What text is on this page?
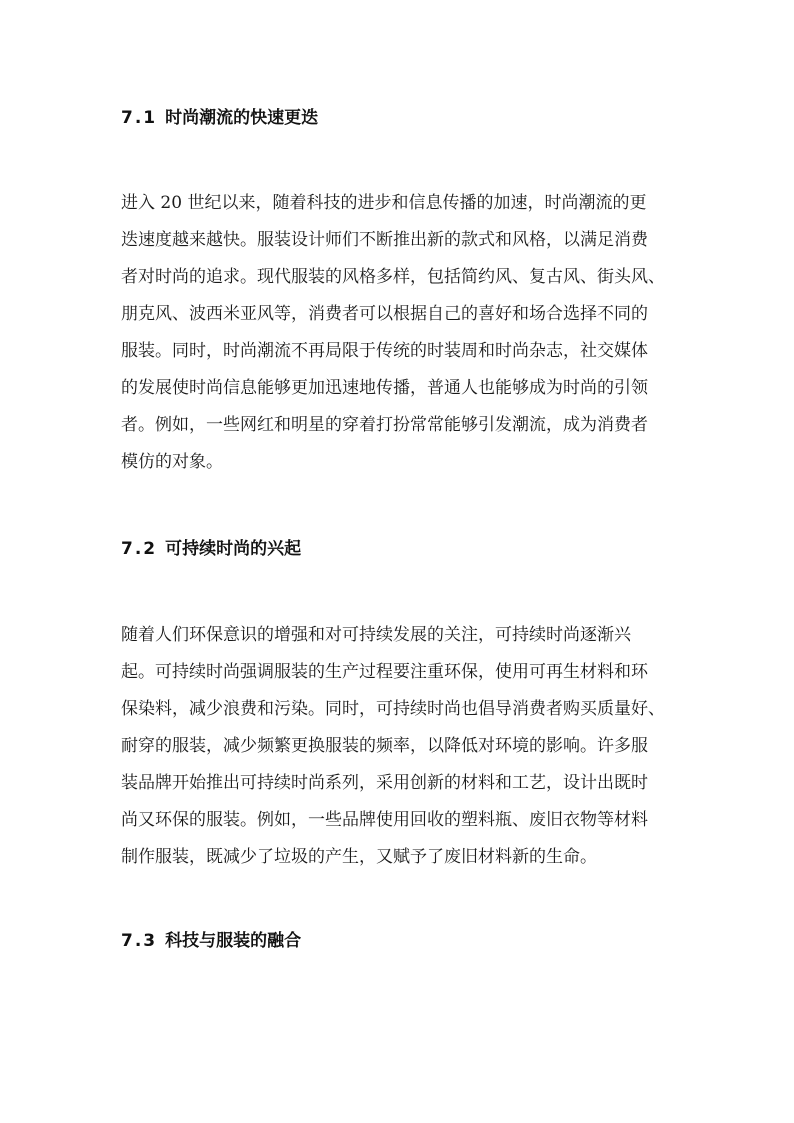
7.1 时尚潮流的快速更迭
进入 20 世纪以来，随着科技的进步和信息传播的加速，时尚潮流的更
迭速度越来越快。服装设计师们不断推出新的款式和风格，以满足消费
者对时尚的追求。现代服装的风格多样，包括简约风、复古风、街头风、
朋克风、波西米亚风等，消费者可以根据自己的喜好和场合选择不同的
服装。同时，时尚潮流不再局限于传统的时装周和时尚杂志，社交媒体
的发展使时尚信息能够更加迅速地传播，普通人也能够成为时尚的引领
者。例如，一些网红和明星的穿着打扮常常能够引发潮流，成为消费者
模仿的对象。
7.2 可持续时尚的兴起
随着人们环保意识的增强和对可持续发展的关注，可持续时尚逐渐兴
起。可持续时尚强调服装的生产过程要注重环保，使用可再生材料和环
保染料，减少浪费和污染。同时，可持续时尚也倡导消费者购买质量好、
耐穿的服装，减少频繁更换服装的频率，以降低对环境的影响。许多服
装品牌开始推出可持续时尚系列，采用创新的材料和工艺，设计出既时
尚又环保的服装。例如，一些品牌使用回收的塑料瓶、废旧衣物等材料
制作服装，既减少了垃圾的产生，又赋予了废旧材料新的生命。
7.3 科技与服装的融合
